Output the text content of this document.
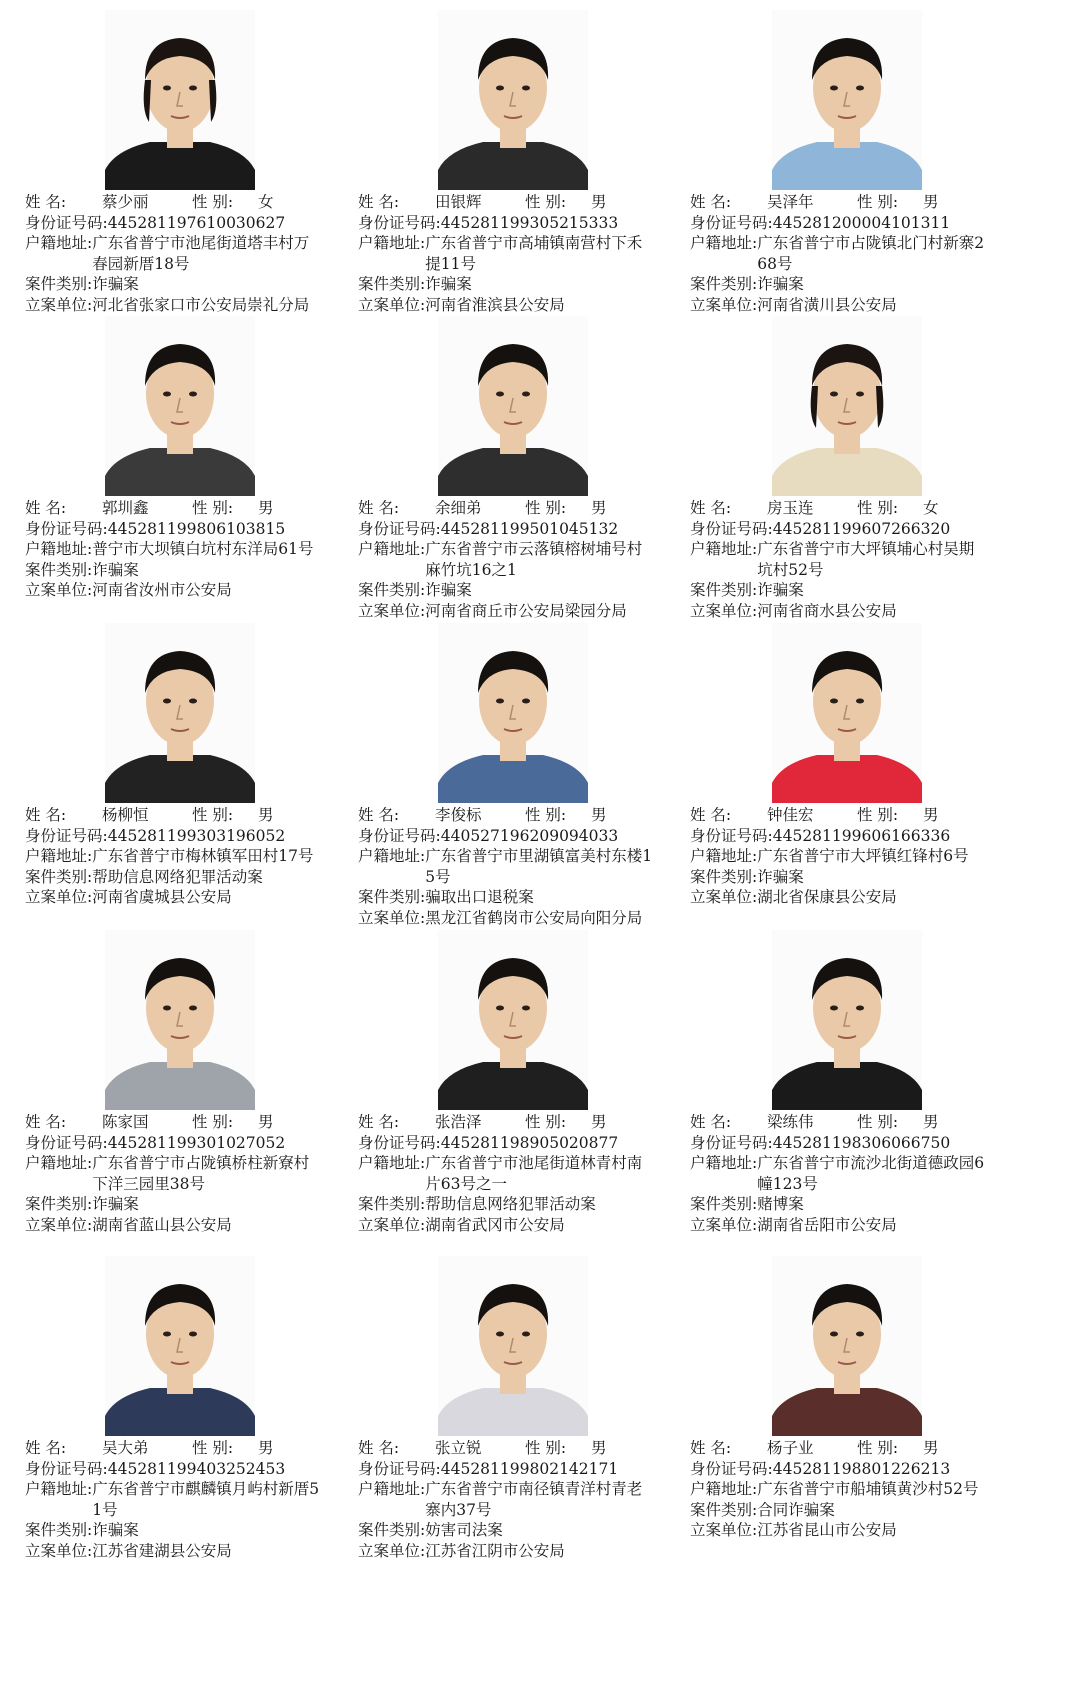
姓 名: 蔡少丽	性 别: 女
身份证号码:445281197610030627
户籍地址: 广东省普宁市池尾街道塔丰村万春园新厝18号
案件类别:诈骗案
立案单位:河北省张家口市公安局崇礼分局
姓 名: 田银辉	性 别: 男
身份证号码:445281199305215333
户籍地址: 广东省普宁市高埔镇南营村下禾提11号
案件类别:诈骗案
立案单位:河南省淮滨县公安局
姓 名: 吴泽年	性 别: 男
身份证号码:445281200004101311
户籍地址: 广东省普宁市占陇镇北门村新寨268号
案件类别:诈骗案
立案单位:河南省潢川县公安局
姓 名: 郭圳鑫	性 别: 男
身份证号码:445281199806103815
户籍地址: 普宁市大坝镇白坑村东洋局61号
案件类别:诈骗案
立案单位:河南省汝州市公安局
姓 名: 余细弟	性 别: 男
身份证号码:445281199501045132
户籍地址: 广东省普宁市云落镇榕树埔号村麻竹坑16之1
案件类别:诈骗案
立案单位:河南省商丘市公安局梁园分局
姓 名: 房玉连	性 别: 女
身份证号码:445281199607266320
户籍地址: 广东省普宁市大坪镇埔心村吴期坑村52号
案件类别:诈骗案
立案单位:河南省商水县公安局
姓 名: 杨柳恒	性 别: 男
身份证号码:445281199303196052
户籍地址: 广东省普宁市梅林镇军田村17号
案件类别:帮助信息网络犯罪活动案
立案单位:河南省虞城县公安局
姓 名: 李俊标	性 别: 男
身份证号码:440527196209094033
户籍地址: 广东省普宁市里湖镇富美村东楼15号
案件类别:骗取出口退税案
立案单位:黑龙江省鹤岗市公安局向阳分局
姓 名: 钟佳宏	性 别: 男
身份证号码:445281199606166336
户籍地址: 广东省普宁市大坪镇红锋村6号
案件类别:诈骗案
立案单位:湖北省保康县公安局
姓 名: 陈家国	性 别: 男
身份证号码:445281199301027052
户籍地址: 广东省普宁市占陇镇桥柱新寮村下洋三园里38号
案件类别:诈骗案
立案单位:湖南省蓝山县公安局
姓 名: 张浩泽	性 别: 男
身份证号码:445281198905020877
户籍地址: 广东省普宁市池尾街道林青村南片63号之一
案件类别:帮助信息网络犯罪活动案
立案单位:湖南省武冈市公安局
姓 名: 梁练伟	性 别: 男
身份证号码:445281198306066750
户籍地址: 广东省普宁市流沙北街道德政园6幢123号
案件类别:赌博案
立案单位:湖南省岳阳市公安局
姓 名: 吴大弟	性 别: 男
身份证号码:445281199403252453
户籍地址: 广东省普宁市麒麟镇月屿村新厝51号
案件类别:诈骗案
立案单位:江苏省建湖县公安局
姓 名: 张立锐	性 别: 男
身份证号码:445281199802142171
户籍地址: 广东省普宁市南径镇青洋村青老寨内37号
案件类别:妨害司法案
立案单位:江苏省江阴市公安局
姓 名: 杨子业	性 别: 男
身份证号码:445281198801226213
户籍地址: 广东省普宁市船埔镇黄沙村52号
案件类别:合同诈骗案
立案单位:江苏省昆山市公安局
